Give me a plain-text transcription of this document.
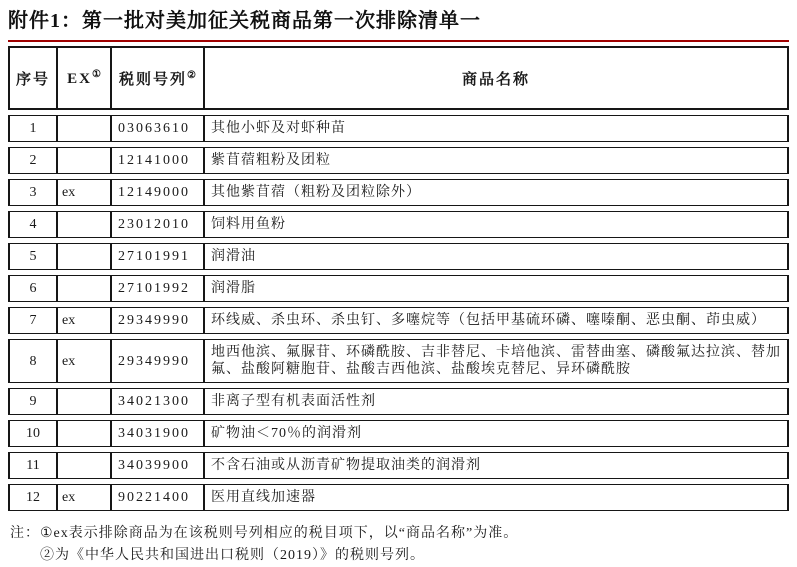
附件1：第一批对美加征关税商品第一次排除清单一
序号	EX①	税则号列②	商品名称
1		03063610	其他小虾及对虾种苗
2		12141000	紫苜蓿粗粉及团粒
3	ex	12149000	其他紫苜蓿（粗粉及团粒除外）
4		23012010	饲料用鱼粉
5		27101991	润滑油
6		27101992	润滑脂
7	ex	29349990	环线威、杀虫环、杀虫钉、多噻烷等（包括甲基硫环磷、噻嗪酮、恶虫酮、茚虫威）
8	ex	29349990	地西他滨、氟脲苷、环磷酰胺、吉非替尼、卡培他滨、雷替曲塞、磷酸氟达拉滨、替加氟、盐酸阿糖胞苷、盐酸吉西他滨、盐酸埃克替尼、异环磷酰胺
9		34021300	非离子型有机表面活性剂
10		34031900	矿物油＜70％的润滑剂
11		34039900	不含石油或从沥青矿物提取油类的润滑剂
12	ex	90221400	医用直线加速器
注： ①ex表示排除商品为在该税则号列相应的税目项下，以“商品名称”为准。
②为《中华人民共和国进出口税则（2019）》的税则号列。
